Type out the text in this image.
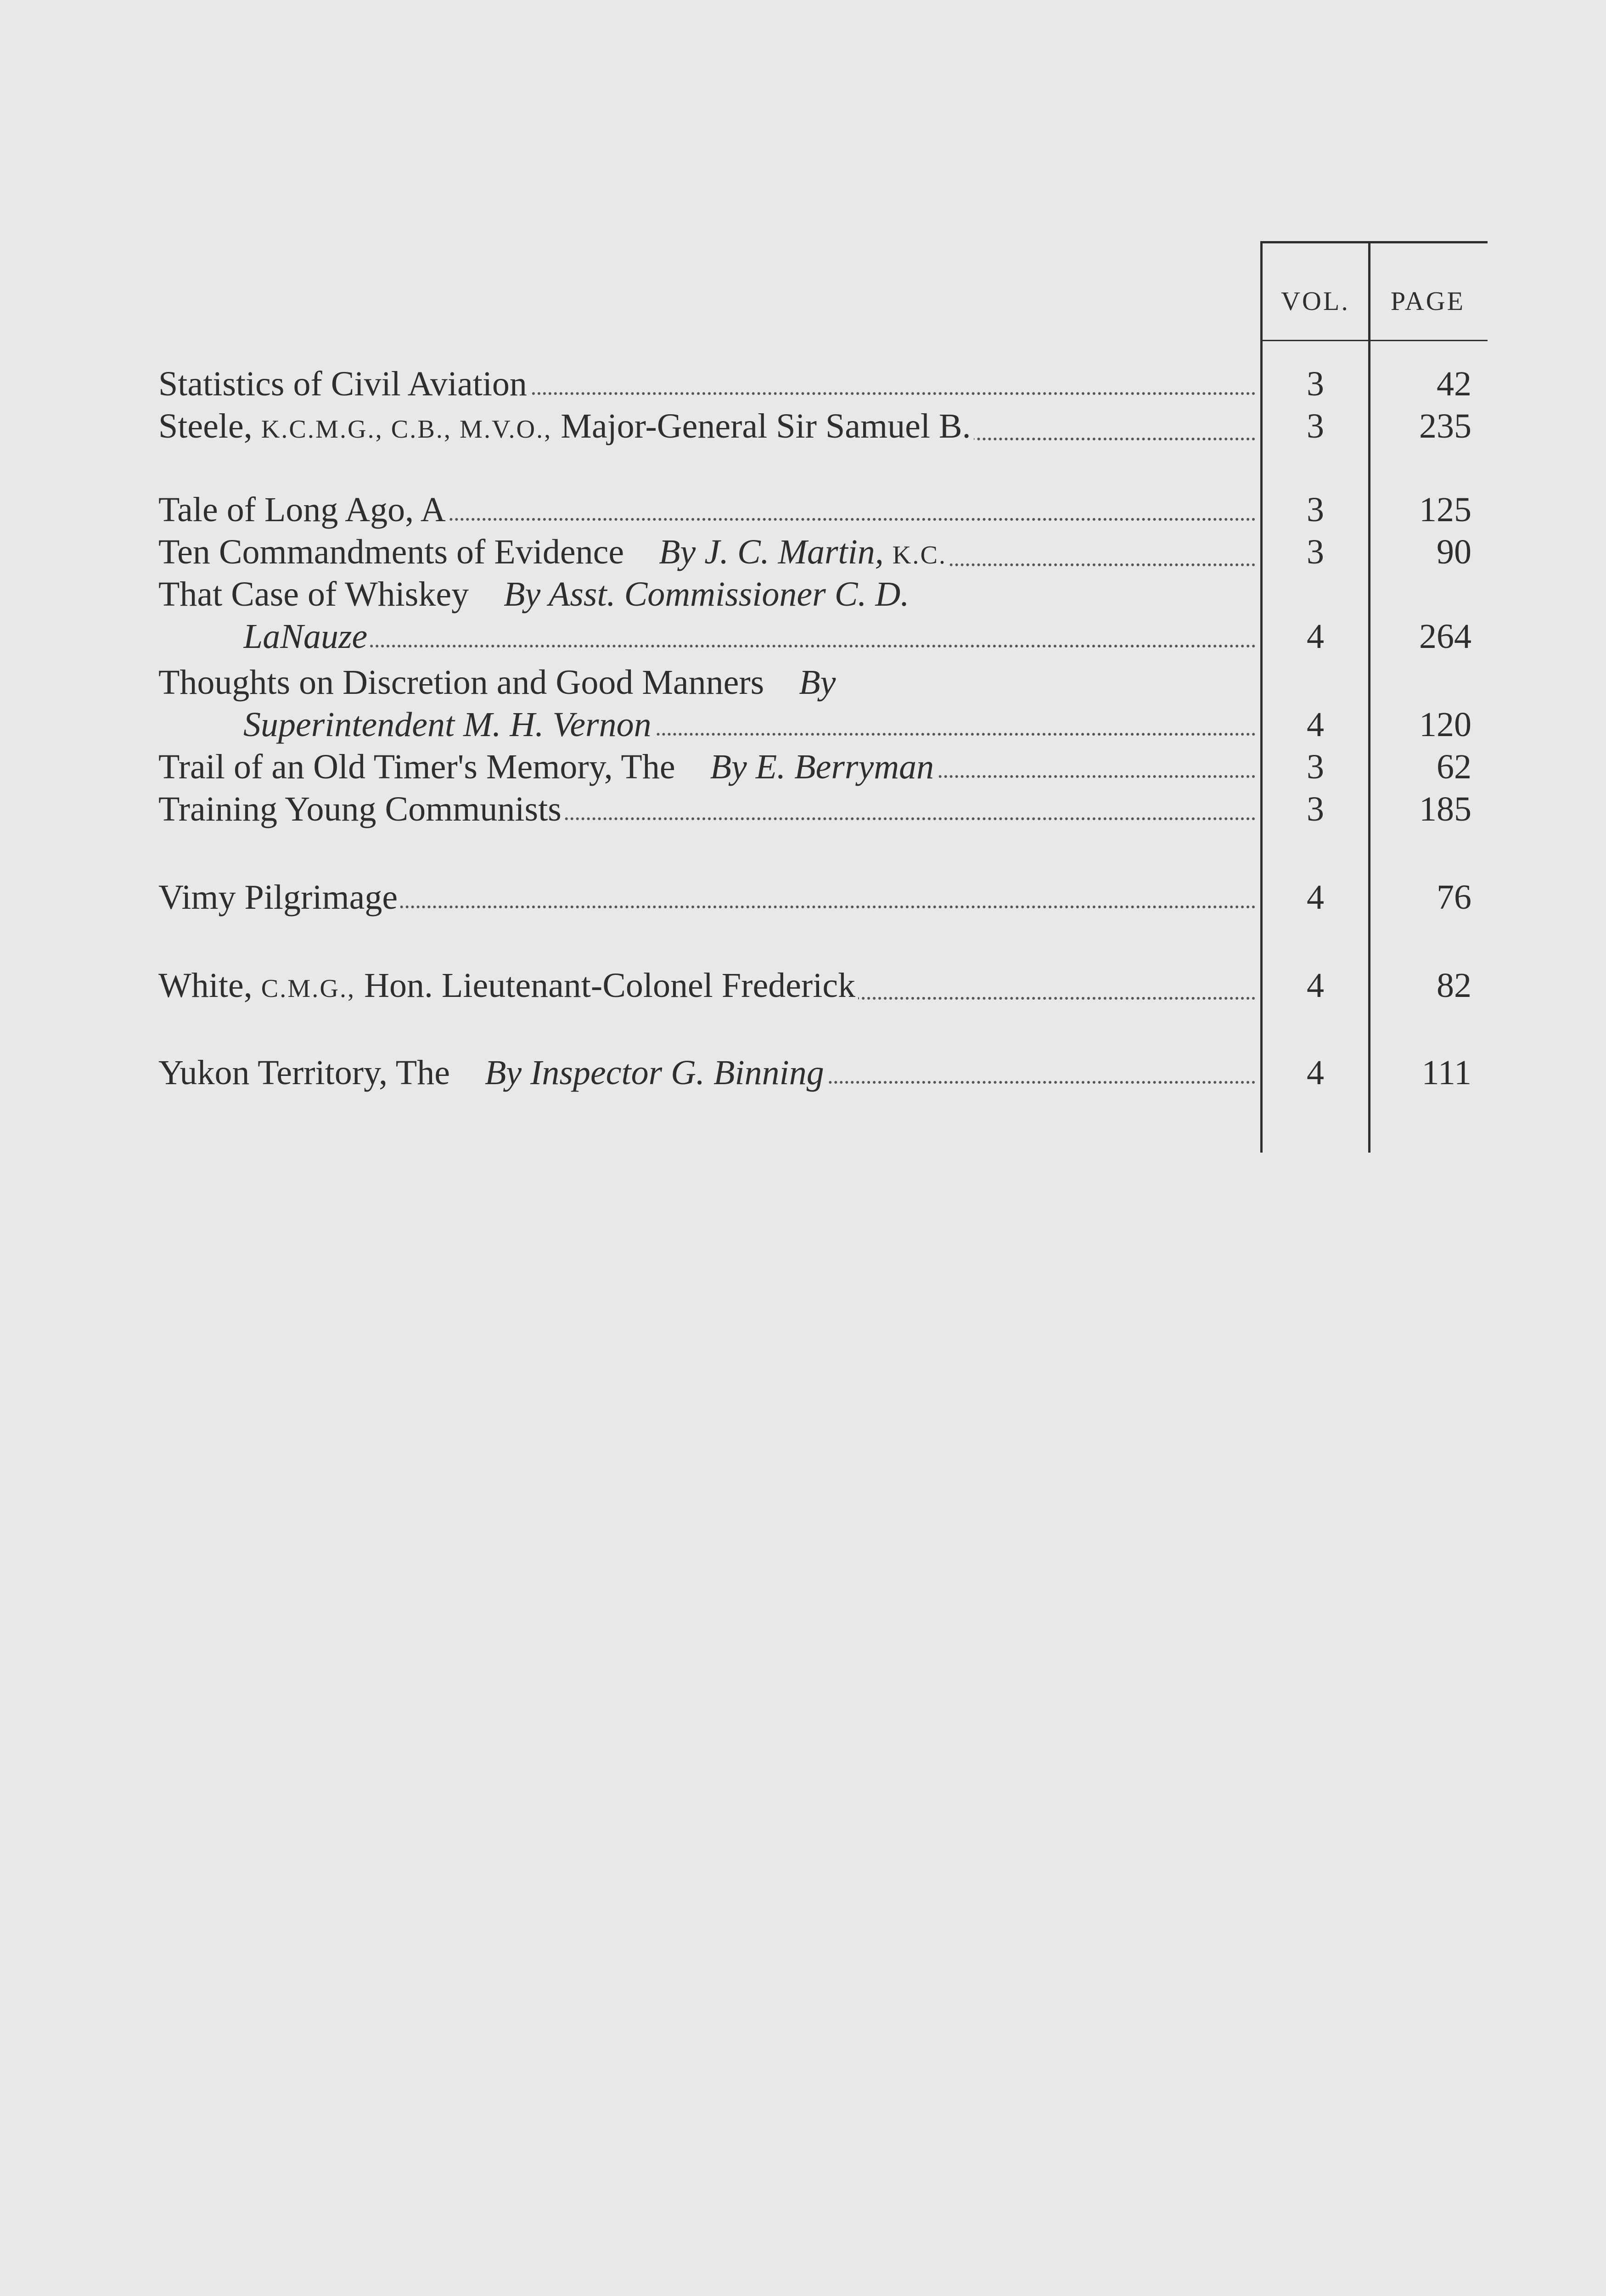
VOL.	PAGE
Statistics of Civil Aviation	3	42
Steele, K.C.M.G., C.B., M.V.O., Major-General Sir Samuel B.	3	235
Tale of Long Ago, A	3	125
Ten Commandments of Evidence By J. C. Martin, K.C.	3	90
That Case of Whiskey By Asst. Commissioner C. D.
LaNauze	4	264
Thoughts on Discretion and Good Manners By
Superintendent M. H. Vernon	4	120
Trail of an Old Timer's Memory, The By E. Berryman	3	62
Training Young Communists	3	185
Vimy Pilgrimage	4	76
White, C.M.G., Hon. Lieutenant-Colonel Frederick	4	82
Yukon Territory, The By Inspector G. Binning	4	111
